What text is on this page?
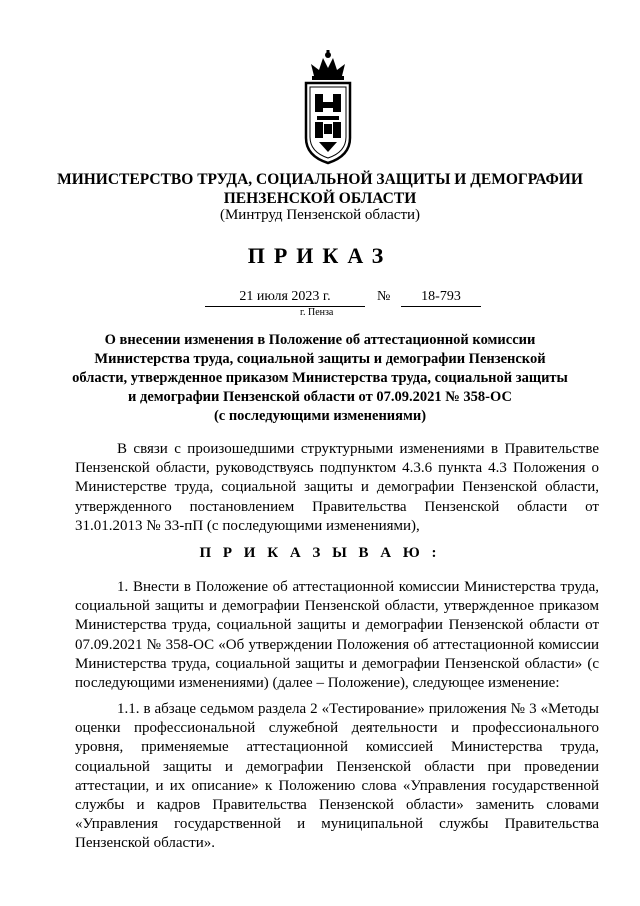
МИНИСТЕРСТВО ТРУДА, СОЦИАЛЬНОЙ ЗАЩИТЫ И ДЕМОГРАФИИ
ПЕНЗЕНСКОЙ ОБЛАСТИ
(Минтруд Пензенской области)
ПРИКАЗ
21 июля 2023 г.	№	18-793
г. Пенза
О внесении изменения в Положение об аттестационной комиссии
Министерства труда, социальной защиты и демографии Пензенской
области, утвержденное приказом Министерства труда, социальной защиты
и демографии Пензенской области от 07.09.2021 № 358-ОС
(с последующими изменениями)
В связи с произошедшими структурными изменениями в Правительстве Пензенской области, руководствуясь подпунктом 4.3.6 пункта 4.3 Положения о Министерстве труда, социальной защиты и демографии Пензенской области, утвержденного постановлением Правительства Пензенской области от 31.01.2013 № 33-пП (с последующими изменениями),
П Р И К А З Ы В А Ю :
1. Внести в Положение об аттестационной комиссии Министерства труда, социальной защиты и демографии Пензенской области, утвержденное приказом Министерства труда, социальной защиты и демографии Пензенской области от 07.09.2021 № 358-ОС «Об утверждении Положения об аттестационной комиссии Министерства труда, социальной защиты и демографии Пензенской области» (с последующими изменениями) (далее – Положение), следующее изменение:
1.1. в абзаце седьмом раздела 2 «Тестирование» приложения № 3 «Методы оценки профессиональной служебной деятельности и профессионального уровня, применяемые аттестационной комиссией Министерства труда, социальной защиты и демографии Пензенской области при проведении аттестации, и их описание» к Положению слова «Управления государственной службы и кадров Правительства Пензенской области» заменить словами «Управления государственной и муниципальной службы Правительства Пензенской области».
